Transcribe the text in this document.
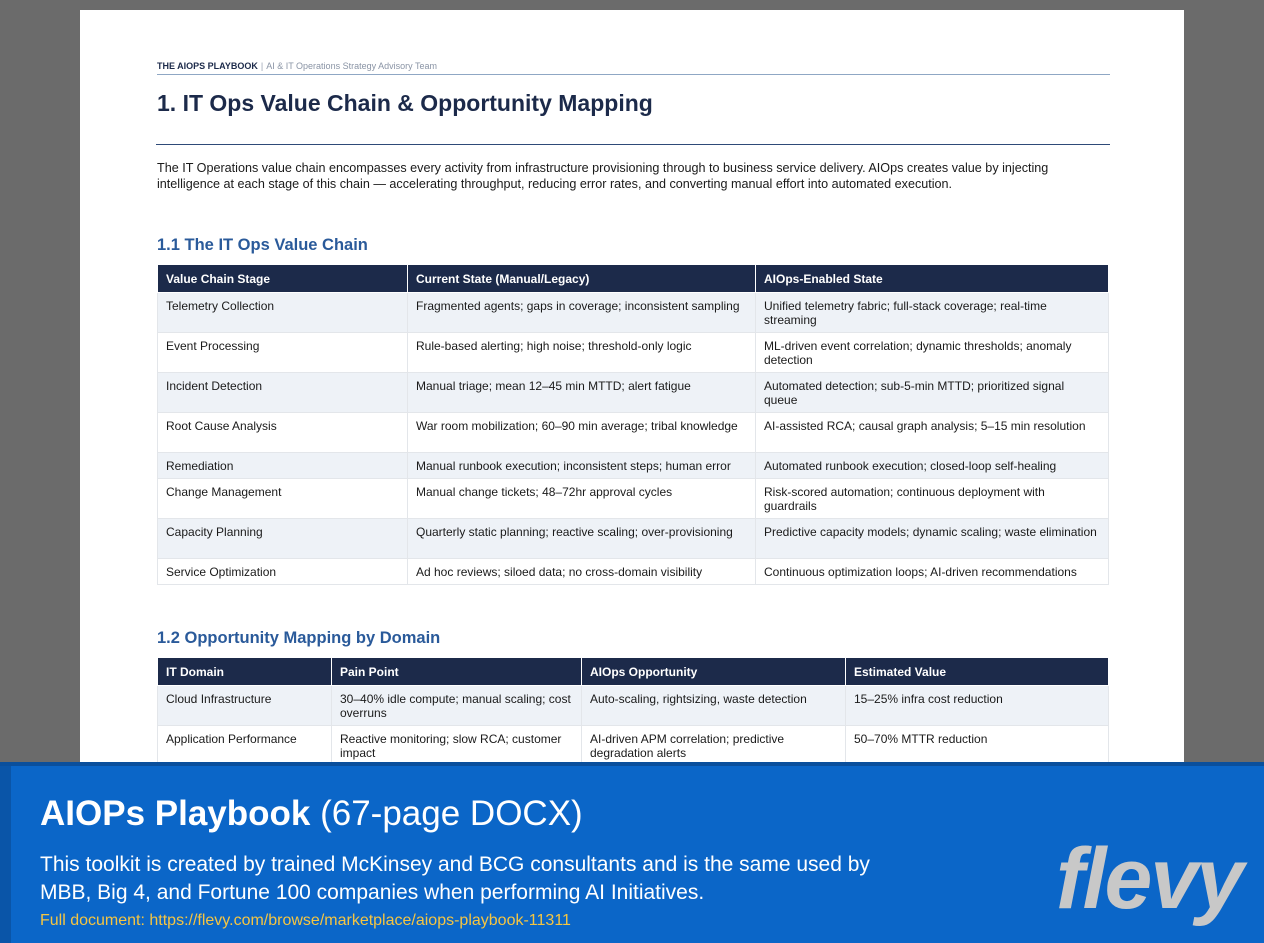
THE AIOPS PLAYBOOK | AI & IT Operations Strategy Advisory Team
1. IT Ops Value Chain & Opportunity Mapping

The IT Operations value chain encompasses every activity from infrastructure provisioning through to business service delivery. AIOps creates value by injecting intelligence at each stage of this chain — accelerating throughput, reducing error rates, and converting manual effort into automated execution.

1.1 The IT Ops Value Chain
Value Chain Stage	Current State (Manual/Legacy)	AIOps-Enabled State
Telemetry Collection	Fragmented agents; gaps in coverage; inconsistent sampling	Unified telemetry fabric; full-stack coverage; real-time streaming
Event Processing	Rule-based alerting; high noise; threshold-only logic	ML-driven event correlation; dynamic thresholds; anomaly detection
Incident Detection	Manual triage; mean 12–45 min MTTD; alert fatigue	Automated detection; sub-5-min MTTD; prioritized signal queue
Root Cause Analysis	War room mobilization; 60–90 min average; tribal knowledge	AI-assisted RCA; causal graph analysis; 5–15 min resolution
Remediation	Manual runbook execution; inconsistent steps; human error	Automated runbook execution; closed-loop self-healing
Change Management	Manual change tickets; 48–72hr approval cycles	Risk-scored automation; continuous deployment with guardrails
Capacity Planning	Quarterly static planning; reactive scaling; over-provisioning	Predictive capacity models; dynamic scaling; waste elimination
Service Optimization	Ad hoc reviews; siloed data; no cross-domain visibility	Continuous optimization loops; AI-driven recommendations
1.2 Opportunity Mapping by Domain
IT Domain	Pain Point	AIOps Opportunity	Estimated Value
Cloud Infrastructure	30–40% idle compute; manual scaling; cost overruns	Auto-scaling, rightsizing, waste detection	15–25% infra cost reduction
Application Performance	Reactive monitoring; slow RCA; customer impact	AI-driven APM correlation; predictive degradation alerts	50–70% MTTR reduction
AIOPs Playbook (67-page DOCX)
This toolkit is created by trained McKinsey and BCG consultants and is the same used by MBB, Big 4, and Fortune 100 companies when performing AI Initiatives.
Full document: https://flevy.com/browse/marketplace/aiops-playbook-11311	flevy
